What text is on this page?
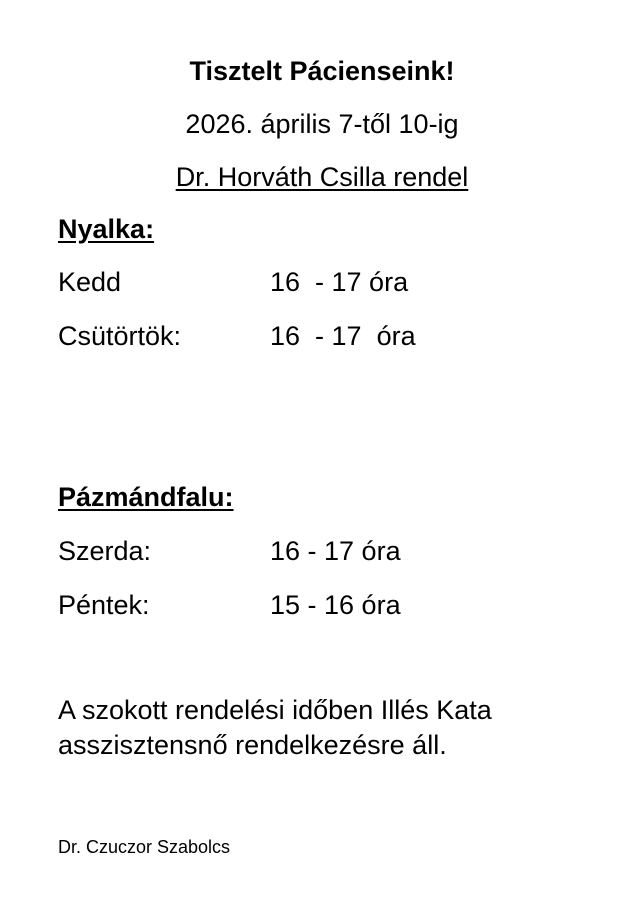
Tisztelt Pácienseink!
2026. április 7-től 10-ig
Dr. Horváth Csilla rendel
Nyalka:

Kedd

	16  - 17 óra

Csütörtök:

	16  - 17  óra

Pázmándfalu:

Szerda:

	16 - 17 óra

Péntek:

	15 - 16 óra

A szokott rendelési időben Illés Kata
asszisztensnő rendelkezésre áll.
Dr. Czuczor Szabolcs
